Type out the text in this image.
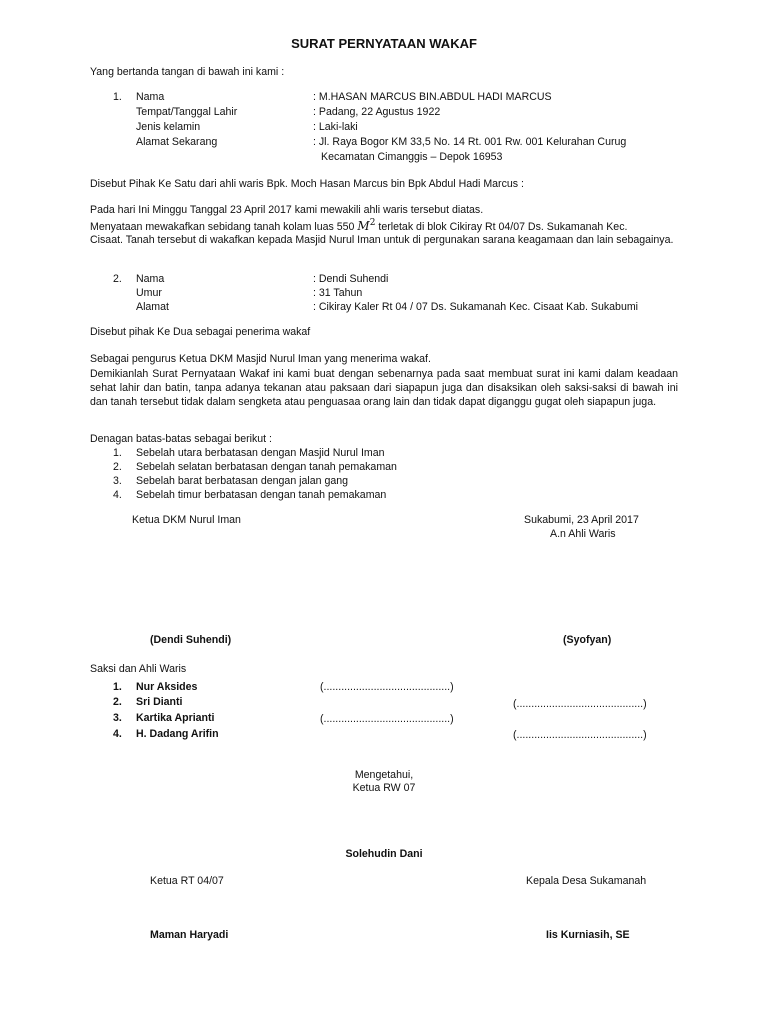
SURAT PERNYATAAN WAKAF
Yang bertanda tangan di bawah ini kami :
1. Nama	: M.HASAN MARCUS BIN.ABDUL HADI MARCUS
Tempat/Tanggal Lahir	: Padang, 22 Agustus 1922
Jenis kelamin	: Laki-laki
Alamat Sekarang	: Jl. Raya Bogor KM 33,5 No. 14 Rt. 001 Rw. 001 Kelurahan Curug
Kecamatan Cimanggis – Depok 16953
Disebut Pihak Ke Satu dari ahli waris Bpk. Moch Hasan Marcus bin Bpk Abdul Hadi Marcus :
Pada hari Ini Minggu Tanggal 23 April 2017 kami mewakili ahli waris tersebut diatas.
Menyataan mewakafkan sebidang tanah kolam luas 550 $M^2$ terletak di blok Cikiray Rt 04/07 Ds. Sukamanah Kec.
Cisaat. Tanah tersebut di wakafkan kepada Masjid Nurul Iman untuk di pergunakan sarana keagamaan dan lain sebagainya.
2. Nama	: Dendi Suhendi
Umur	: 31 Tahun
Alamat	: Cikiray Kaler Rt 04 / 07 Ds. Sukamanah Kec. Cisaat Kab. Sukabumi
Disebut pihak Ke Dua sebagai penerima wakaf
Sebagai pengurus Ketua DKM Masjid Nurul Iman yang menerima wakaf.
Demikianlah Surat Pernyataan Wakaf ini kami buat dengan sebenarnya pada saat membuat surat ini kami dalam keadaan sehat lahir dan batin, tanpa adanya tekanan atau paksaan dari siapapun juga dan disaksikan oleh saksi-saksi di bawah ini dan tanah tersebut tidak dalam sengketa atau penguasaa orang lain dan tidak dapat diganggu gugat oleh siapapun juga.
Denagan batas-batas sebagai berikut :
1. Sebelah utara berbatasan dengan Masjid Nurul Iman
2. Sebelah selatan berbatasan dengan tanah pemakaman
3. Sebelah barat berbatasan dengan jalan gang
4. Sebelah timur berbatasan dengan tanah pemakaman
Ketua DKM Nurul Iman	Sukabumi, 23 April 2017
A.n Ahli Waris
(Dendi Suhendi)	(Syofyan)
Saksi dan Ahli Waris
1. Nur Aksides	(...........................................)
2. Sri Dianti	(...........................................)
3. Kartika Aprianti	(...........................................)
4. H. Dadang Arifin	(...........................................)
Mengetahui,
Ketua RW 07
Solehudin Dani
Ketua RT 04/07	Kepala Desa Sukamanah
Maman Haryadi	Iis Kurniasih, SE
